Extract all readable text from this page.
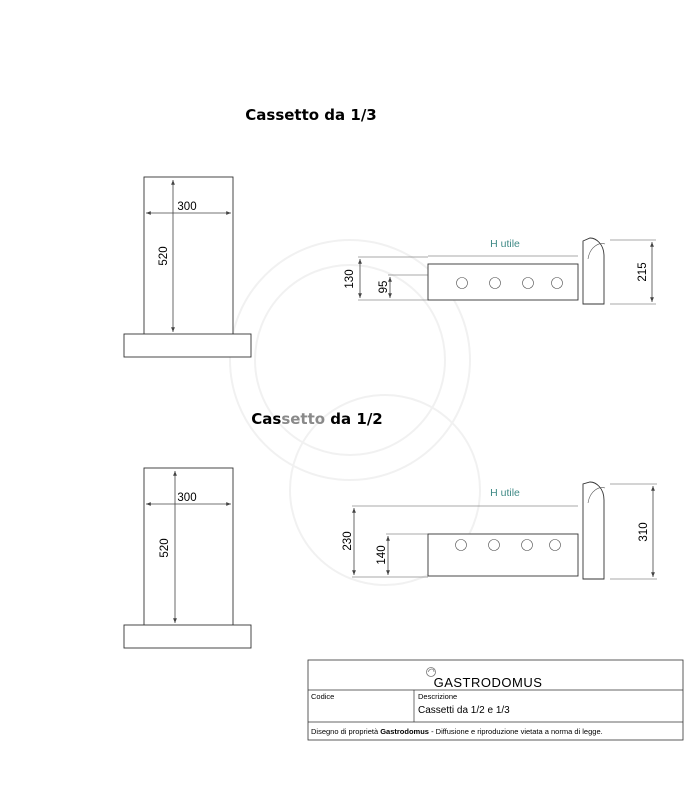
Cassetto da 1/3
300
520
H utile
130 95
215
Cassetto da 1/2
300
520
H utile
230
140
310
GASTRODOMUS
Codice	Descrizione
Cassetti da 1/2 e 1/3
Disegno di proprietà Gastrodomus - Diffusione e riproduzione vietata a norma di legge.
